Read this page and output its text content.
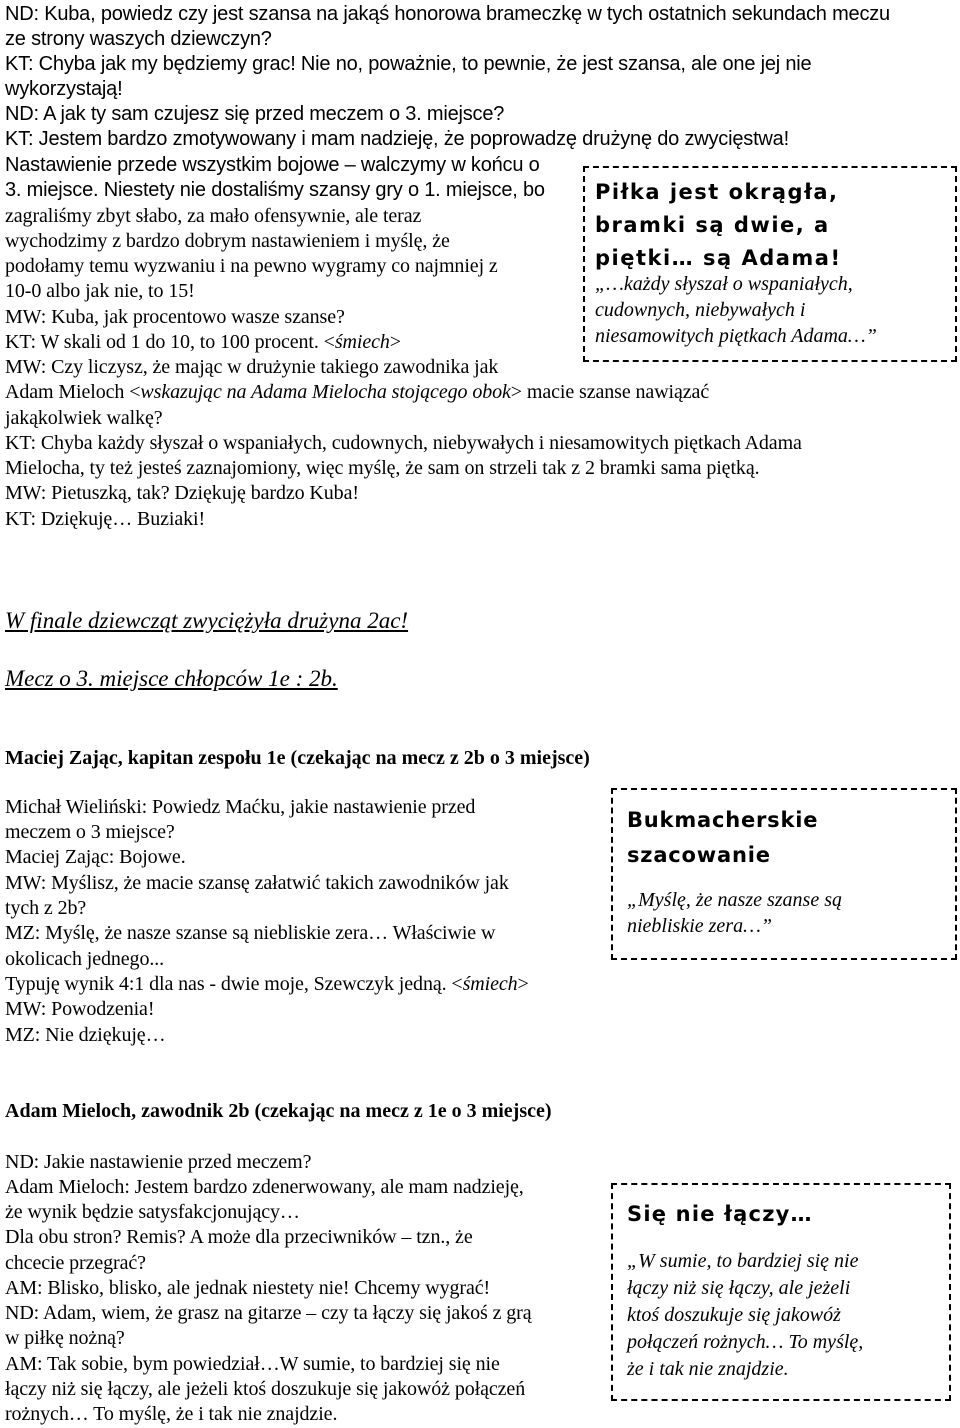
ND: Kuba, powiedz czy jest szansa na jakąś honorowa brameczkę w tych ostatnich sekundach meczu
ze strony waszych dziewczyn?
KT: Chyba jak my będziemy grac! Nie no, poważnie, to pewnie, że jest szansa, ale one jej nie
wykorzystają!
ND: A jak ty sam czujesz się przed meczem o 3. miejsce?
KT: Jestem bardzo zmotywowany i mam nadzieję, że poprowadzę drużynę do zwycięstwa!
Nastawienie przede wszystkim bojowe – walczymy w końcu o
3. miejsce. Niestety nie dostaliśmy szansy gry o 1. miejsce, bo
zagraliśmy zbyt słabo, za mało ofensywnie, ale teraz
wychodzimy z bardzo dobrym nastawieniem i myślę, że
podołamy temu wyzwaniu i na pewno wygramy co najmniej z
10-0 albo jak nie, to 15!
MW: Kuba, jak procentowo wasze szanse?
KT: W skali od 1 do 10, to 100 procent. <śmiech>
MW: Czy liczysz, że mając w drużynie takiego zawodnika jak
Adam Mieloch <wskazując na Adama Mielocha stojącego obok> macie szanse nawiązać
jakąkolwiek walkę?
KT: Chyba każdy słyszał o wspaniałych, cudownych, niebywałych i niesamowitych piętkach Adama
Mielocha, ty też jesteś zaznajomiony, więc myślę, że sam on strzeli tak z 2 bramki sama piętką.
MW: Pietuszką, tak? Dziękuję bardzo Kuba!
KT: Dziękuję… Buziaki!
Piłka jest okrągła,
bramki są dwie, a
piętki… są Adama!
„…każdy słyszał o wspaniałych,
cudownych, niebywałych i
niesamowitych piętkach Adama…”
W finale dziewcząt zwyciężyła drużyna 2ac!
Mecz o 3. miejsce chłopców 1e : 2b.
Maciej Zając, kapitan zespołu 1e (czekając na mecz z 2b o 3 miejsce)
Michał Wieliński: Powiedz Maćku, jakie nastawienie przed
meczem o 3 miejsce?
Maciej Zając: Bojowe.
MW: Myślisz, że macie szansę załatwić takich zawodników jak
tych z 2b?
MZ: Myślę, że nasze szanse są niebliskie zera… Właściwie w
okolicach jednego...
Typuję wynik 4:1 dla nas - dwie moje, Szewczyk jedną. <śmiech>
MW: Powodzenia!
MZ: Nie dziękuję…
Bukmacherskie
szacowanie
„Myślę, że nasze szanse są
niebliskie zera…”
Adam Mieloch, zawodnik 2b (czekając na mecz z 1e o 3 miejsce)
ND: Jakie nastawienie przed meczem?
Adam Mieloch: Jestem bardzo zdenerwowany, ale mam nadzieję,
że wynik będzie satysfakcjonujący…
Dla obu stron? Remis? A może dla przeciwników – tzn., że
chcecie przegrać?
AM: Blisko, blisko, ale jednak niestety nie! Chcemy wygrać!
ND: Adam, wiem, że grasz na gitarze – czy ta łączy się jakoś z grą
w piłkę nożną?
AM: Tak sobie, bym powiedział…W sumie, to bardziej się nie
łączy niż się łączy, ale jeżeli ktoś doszukuje się jakowóż połączeń
rożnych… To myślę, że i tak nie znajdzie.
Się nie łączy…
„W sumie, to bardziej się nie
łączy niż się łączy, ale jeżeli
ktoś doszukuje się jakowóż
połączeń rożnych… To myślę,
że i tak nie znajdzie.
